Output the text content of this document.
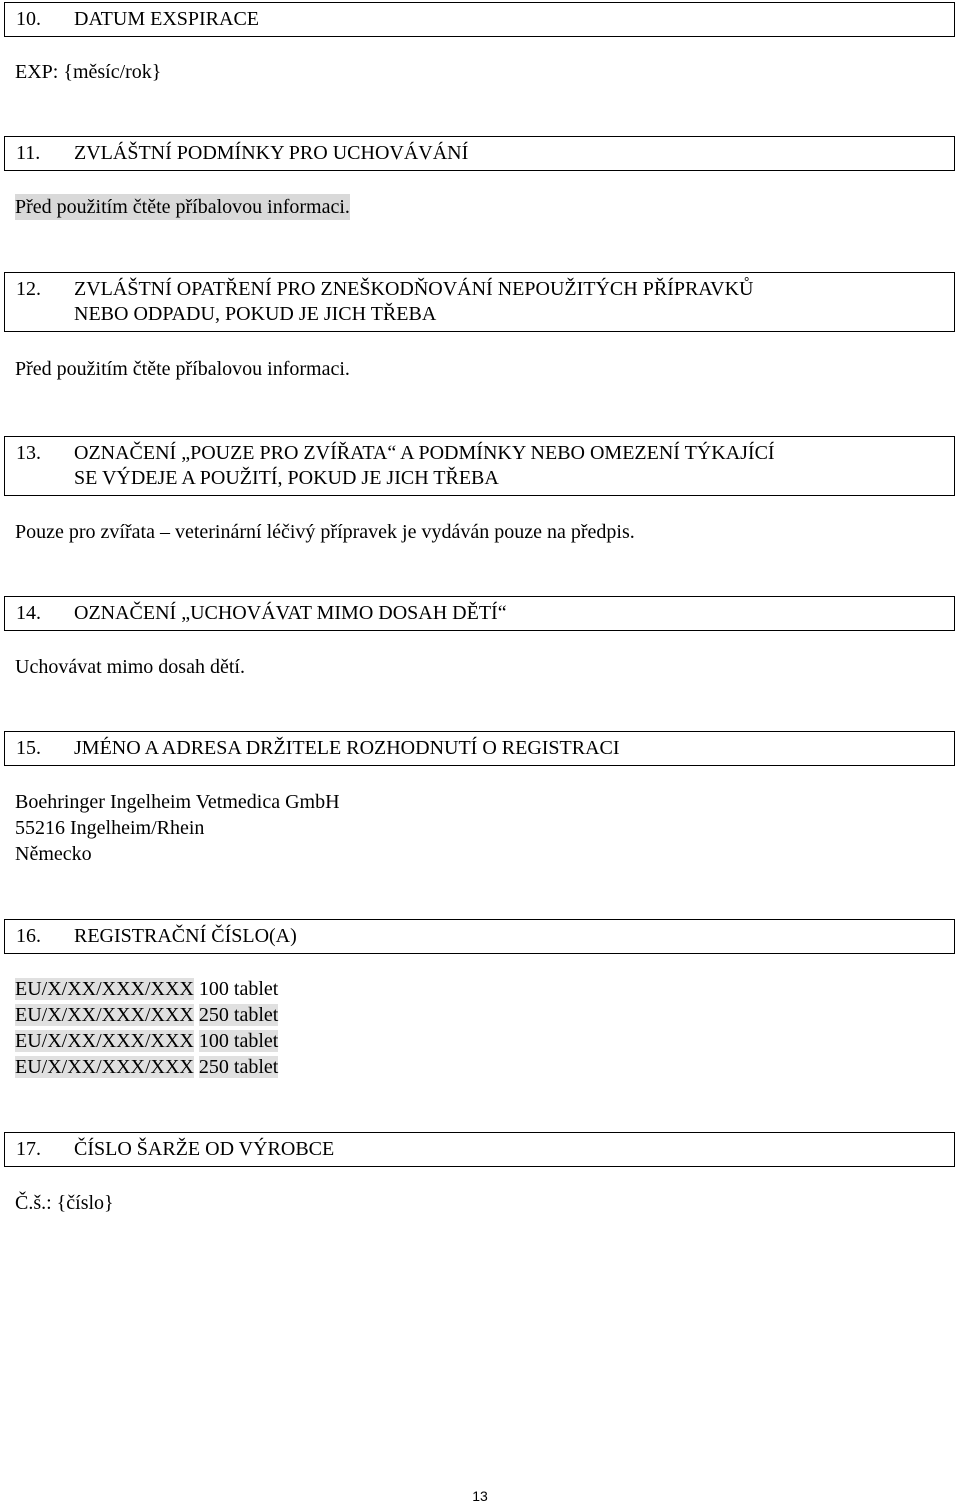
10. DATUM EXSPIRACE
EXP: {měsíc/rok}
11. ZVLÁŠTNÍ PODMÍNKY PRO UCHOVÁVÁNÍ
Před použitím čtěte příbalovou informaci.
12. ZVLÁŠTNÍ OPATŘENÍ PRO ZNEŠKODŇOVÁNÍ NEPOUŽITÝCH PŘÍPRAVKŮ
NEBO ODPADU, POKUD JE JICH TŘEBA
Před použitím čtěte příbalovou informaci.
13. OZNAČENÍ „POUZE PRO ZVÍŘATA“ A PODMÍNKY NEBO OMEZENÍ TÝKAJÍCÍ
SE VÝDEJE A POUŽITÍ, POKUD JE JICH TŘEBA
Pouze pro zvířata – veterinární léčivý přípravek je vydáván pouze na předpis.
14. OZNAČENÍ „UCHOVÁVAT MIMO DOSAH DĚTÍ“
Uchovávat mimo dosah dětí.
15. JMÉNO A ADRESA DRŽITELE ROZHODNUTÍ O REGISTRACI
Boehringer Ingelheim Vetmedica GmbH
55216 Ingelheim/Rhein
Německo
16. REGISTRAČNÍ ČÍSLO(A)
EU/X/XX/XXX/XXX 100 tablet
EU/X/XX/XXX/XXX 250 tablet
EU/X/XX/XXX/XXX 100 tablet
EU/X/XX/XXX/XXX 250 tablet
17. ČÍSLO ŠARŽE OD VÝROBCE
Č.š.: {číslo}
13
